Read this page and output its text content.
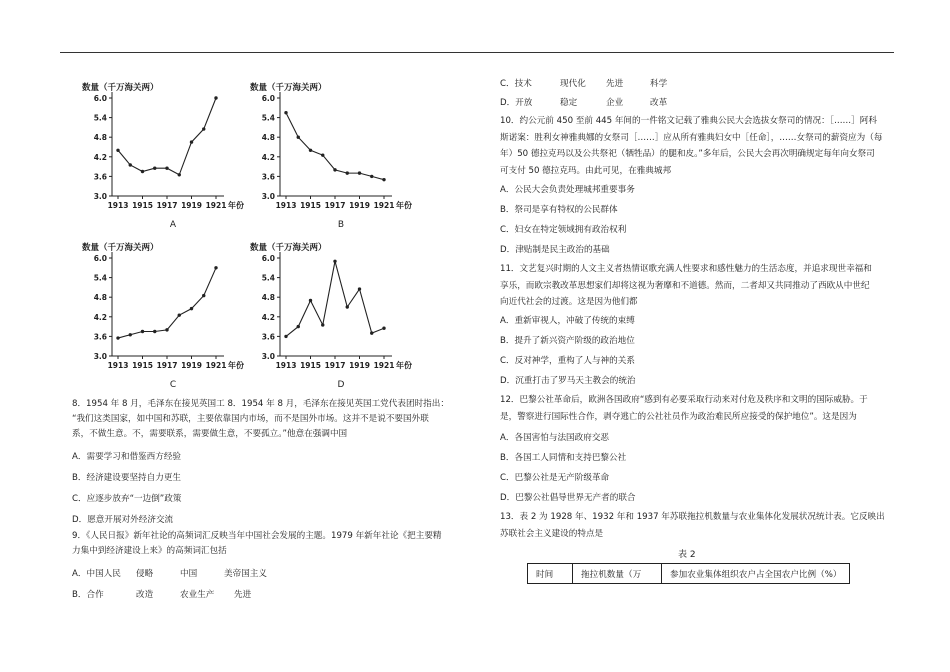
数量（千万海关两）
6.0
5.4
4.8
4.2
3.6
3.0
1913 1915 1917 1919 1921 年份
A
数量（千万海关两）
6.0
5.4
4.8
4.2
3.6
3.0
1913 1915 1917 1919 1921 年份
B
数量（千万海关两）
6.0
5.4
4.8
4.2
3.6
3.0
1913 1915 1917 1919 1921 年份
C
数量（千万海关两）
6.0
5.4
4.8
4.2
3.6
3.0
1913 1915 1917 1919 1921 年份
D
8．1954 年 8 月，毛泽东在接见英国工 8．1954 年 8 月，毛泽东在接见英国工党代表团时指出：
“我们这类国家，如中国和苏联，主要依靠国内市场，而不是国外市场。这并不是说不要国外联
系，不做生意。不，需要联系，需要做生意，不要孤立。”他意在强调中国
A．需要学习和借鉴西方经验
B．经济建设要坚持自力更生
C．应逐步放弃“一边倒”政策
D．愿意开展对外经济交流
9．《人民日报》新年社论的高频词汇反映当年中国社会发展的主题。1979 年新年社论《把主要精
力集中到经济建设上来》的高频词汇包括
A．中国人民 侵略	中国	美帝国主义
B．合作	改造	农业生产 先进
C．技术	现代化 先进	科学
D．开放	稳定	企业	改革
10．约公元前 450 至前 445 年间的一件铭文记载了雅典公民大会选拔女祭司的情况：［……］阿科
斯诺案：胜利女神雅典娜的女祭司［……］应从所有雅典妇女中［任命］，……女祭司的薪资应为（每
年）50 德拉克玛以及公共祭祀（牺牲品）的腿和皮。”多年后，公民大会再次明确规定每年向女祭司
可支付 50 德拉克玛。由此可见，在雅典城邦
A．公民大会负责处理城邦重要事务
B．祭司是享有特权的公民群体
C．妇女在特定领域拥有政治权利
D．津贴制是民主政治的基础
11．文艺复兴时期的人文主义者热情讴歌充满人性要求和感性魅力的生活态度，并追求现世幸福和
享乐，而欧宗教改革思想家们却将这视为奢靡和不道德。然而，二者却又共同推动了西欧从中世纪
向近代社会的过渡。这是因为他们都
A．重新审视人，冲破了传统的束缚
B．提升了新兴资产阶级的政治地位
C．反对神学，重构了人与神的关系
D．沉重打击了罗马天主教会的统治
12．巴黎公社革命后，欧洲各国政府“感到有必要采取行动来对付危及秩序和文明的国际威胁。于
是，警察进行国际性合作，剥夺逃亡的公社社员作为政治难民所应接受的保护地位”。这是因为
A．各国害怕与法国政府交恶
B．各国工人同情和支持巴黎公社
C．巴黎公社是无产阶级革命
D．巴黎公社倡导世界无产者的联合
13．表 2 为 1928 年、1932 年和 1937 年苏联拖拉机数量与农业集体化发展状况统计表。它反映出
苏联社会主义建设的特点是
表 2
时间	拖拉机数量（万	参加农业集体组织农户占全国农户比例（%）
